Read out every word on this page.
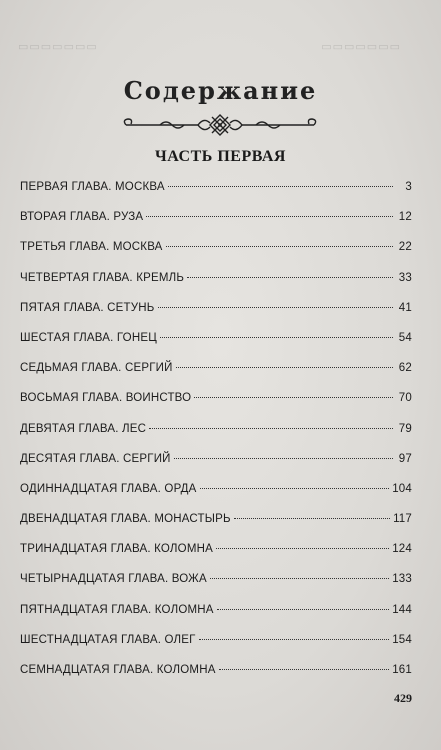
▭▭▭▭▭▭▭	▭▭▭▭▭▭▭
Содержание
ЧАСТЬ ПЕРВАЯ
ПЕРВАЯ ГЛАВА. МОСКВА	3
ВТОРАЯ ГЛАВА. РУЗА	12
ТРЕТЬЯ ГЛАВА. МОСКВА	22
ЧЕТВЕРТАЯ ГЛАВА. КРЕМЛЬ	33
ПЯТАЯ ГЛАВА. СЕТУНЬ	41
ШЕСТАЯ ГЛАВА. ГОНЕЦ	54
СЕДЬМАЯ ГЛАВА. СЕРГИЙ	62
ВОСЬМАЯ ГЛАВА. ВОИНСТВО	70
ДЕВЯТАЯ ГЛАВА. ЛЕС	79
ДЕСЯТАЯ ГЛАВА. СЕРГИЙ	97
ОДИННАДЦАТАЯ ГЛАВА. ОРДА	104
ДВЕНАДЦАТАЯ ГЛАВА. МОНАСТЫРЬ	117
ТРИНАДЦАТАЯ ГЛАВА. КОЛОМНА	124
ЧЕТЫРНАДЦАТАЯ ГЛАВА. ВОЖА	133
ПЯТНАДЦАТАЯ ГЛАВА. КОЛОМНА	144
ШЕСТНАДЦАТАЯ ГЛАВА. ОЛЕГ	154
СЕМНАДЦАТАЯ ГЛАВА. КОЛОМНА	161
429
